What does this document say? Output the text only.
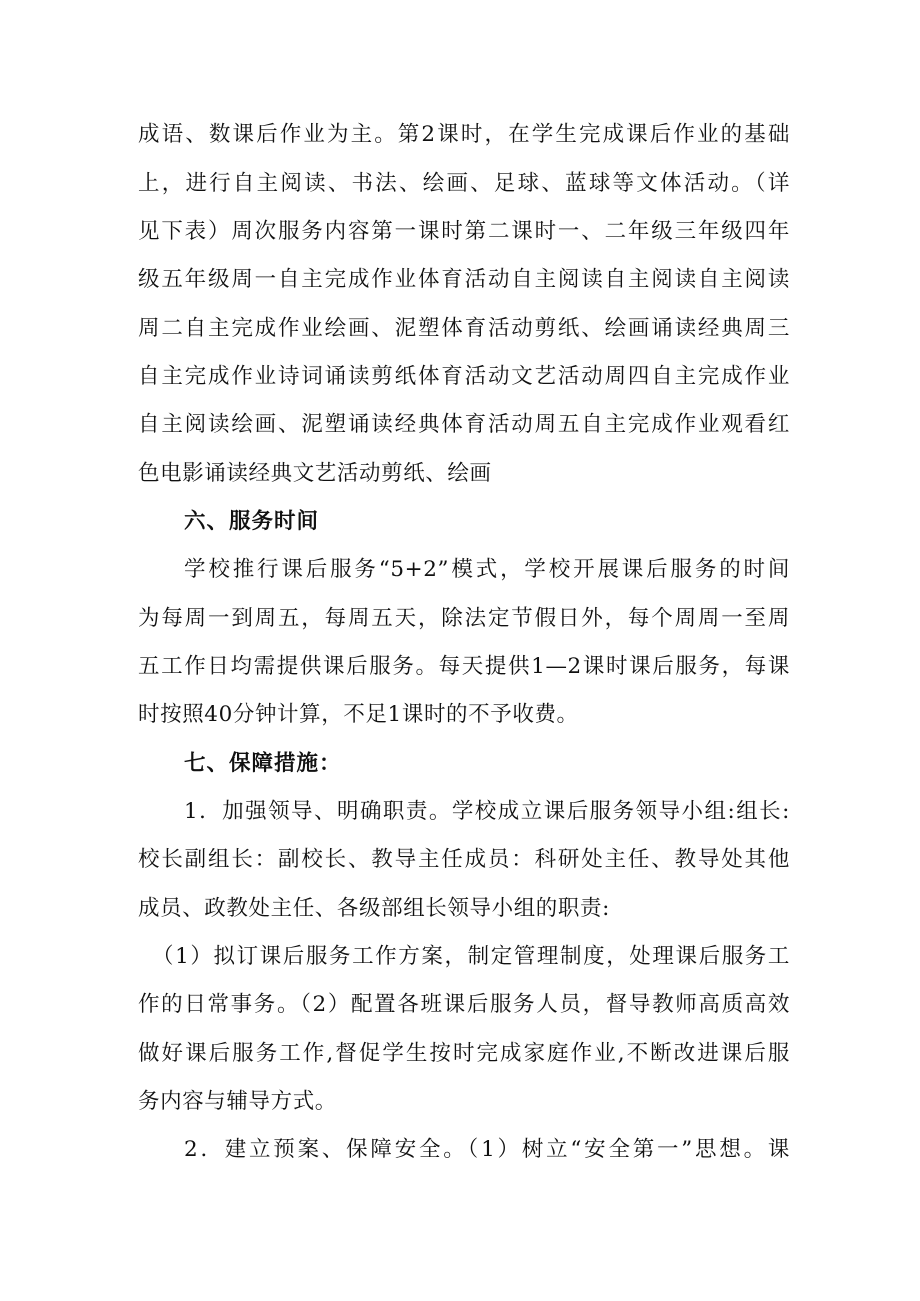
成语、数课后作业为主。第2课时，在学生完成课后作业的基础
上，进行自主阅读、书法、绘画、足球、蓝球等文体活动。（详
见下表）周次服务内容第一课时第二课时一、二年级三年级四年
级五年级周一自主完成作业体育活动自主阅读自主阅读自主阅读
周二自主完成作业绘画、泥塑体育活动剪纸、绘画诵读经典周三
自主完成作业诗词诵读剪纸体育活动文艺活动周四自主完成作业
自主阅读绘画、泥塑诵读经典体育活动周五自主完成作业观看红
色电影诵读经典文艺活动剪纸、绘画
六、服务时间
学校推行课后服务“5+2”模式，学校开展课后服务的时间
为每周一到周五，每周五天，除法定节假日外，每个周周一至周
五工作日均需提供课后服务。每天提供1—2课时课后服务，每课
时按照40分钟计算，不足1课时的不予收费。
七、保障措施：
1．加强领导、明确职责。学校成立课后服务领导小组:组长:
校长副组长：副校长、教导主任成员：科研处主任、教导处其他
成员、政教处主任、各级部组长领导小组的职责:
（1）拟订课后服务工作方案，制定管理制度，处理课后服务工
作的日常事务。（2）配置各班课后服务人员，督导教师高质高效
做好课后服务工作,督促学生按时完成家庭作业,不断改进课后服
务内容与辅导方式。
2．建立预案、保障安全。（1）树立“安全第一”思想。课
